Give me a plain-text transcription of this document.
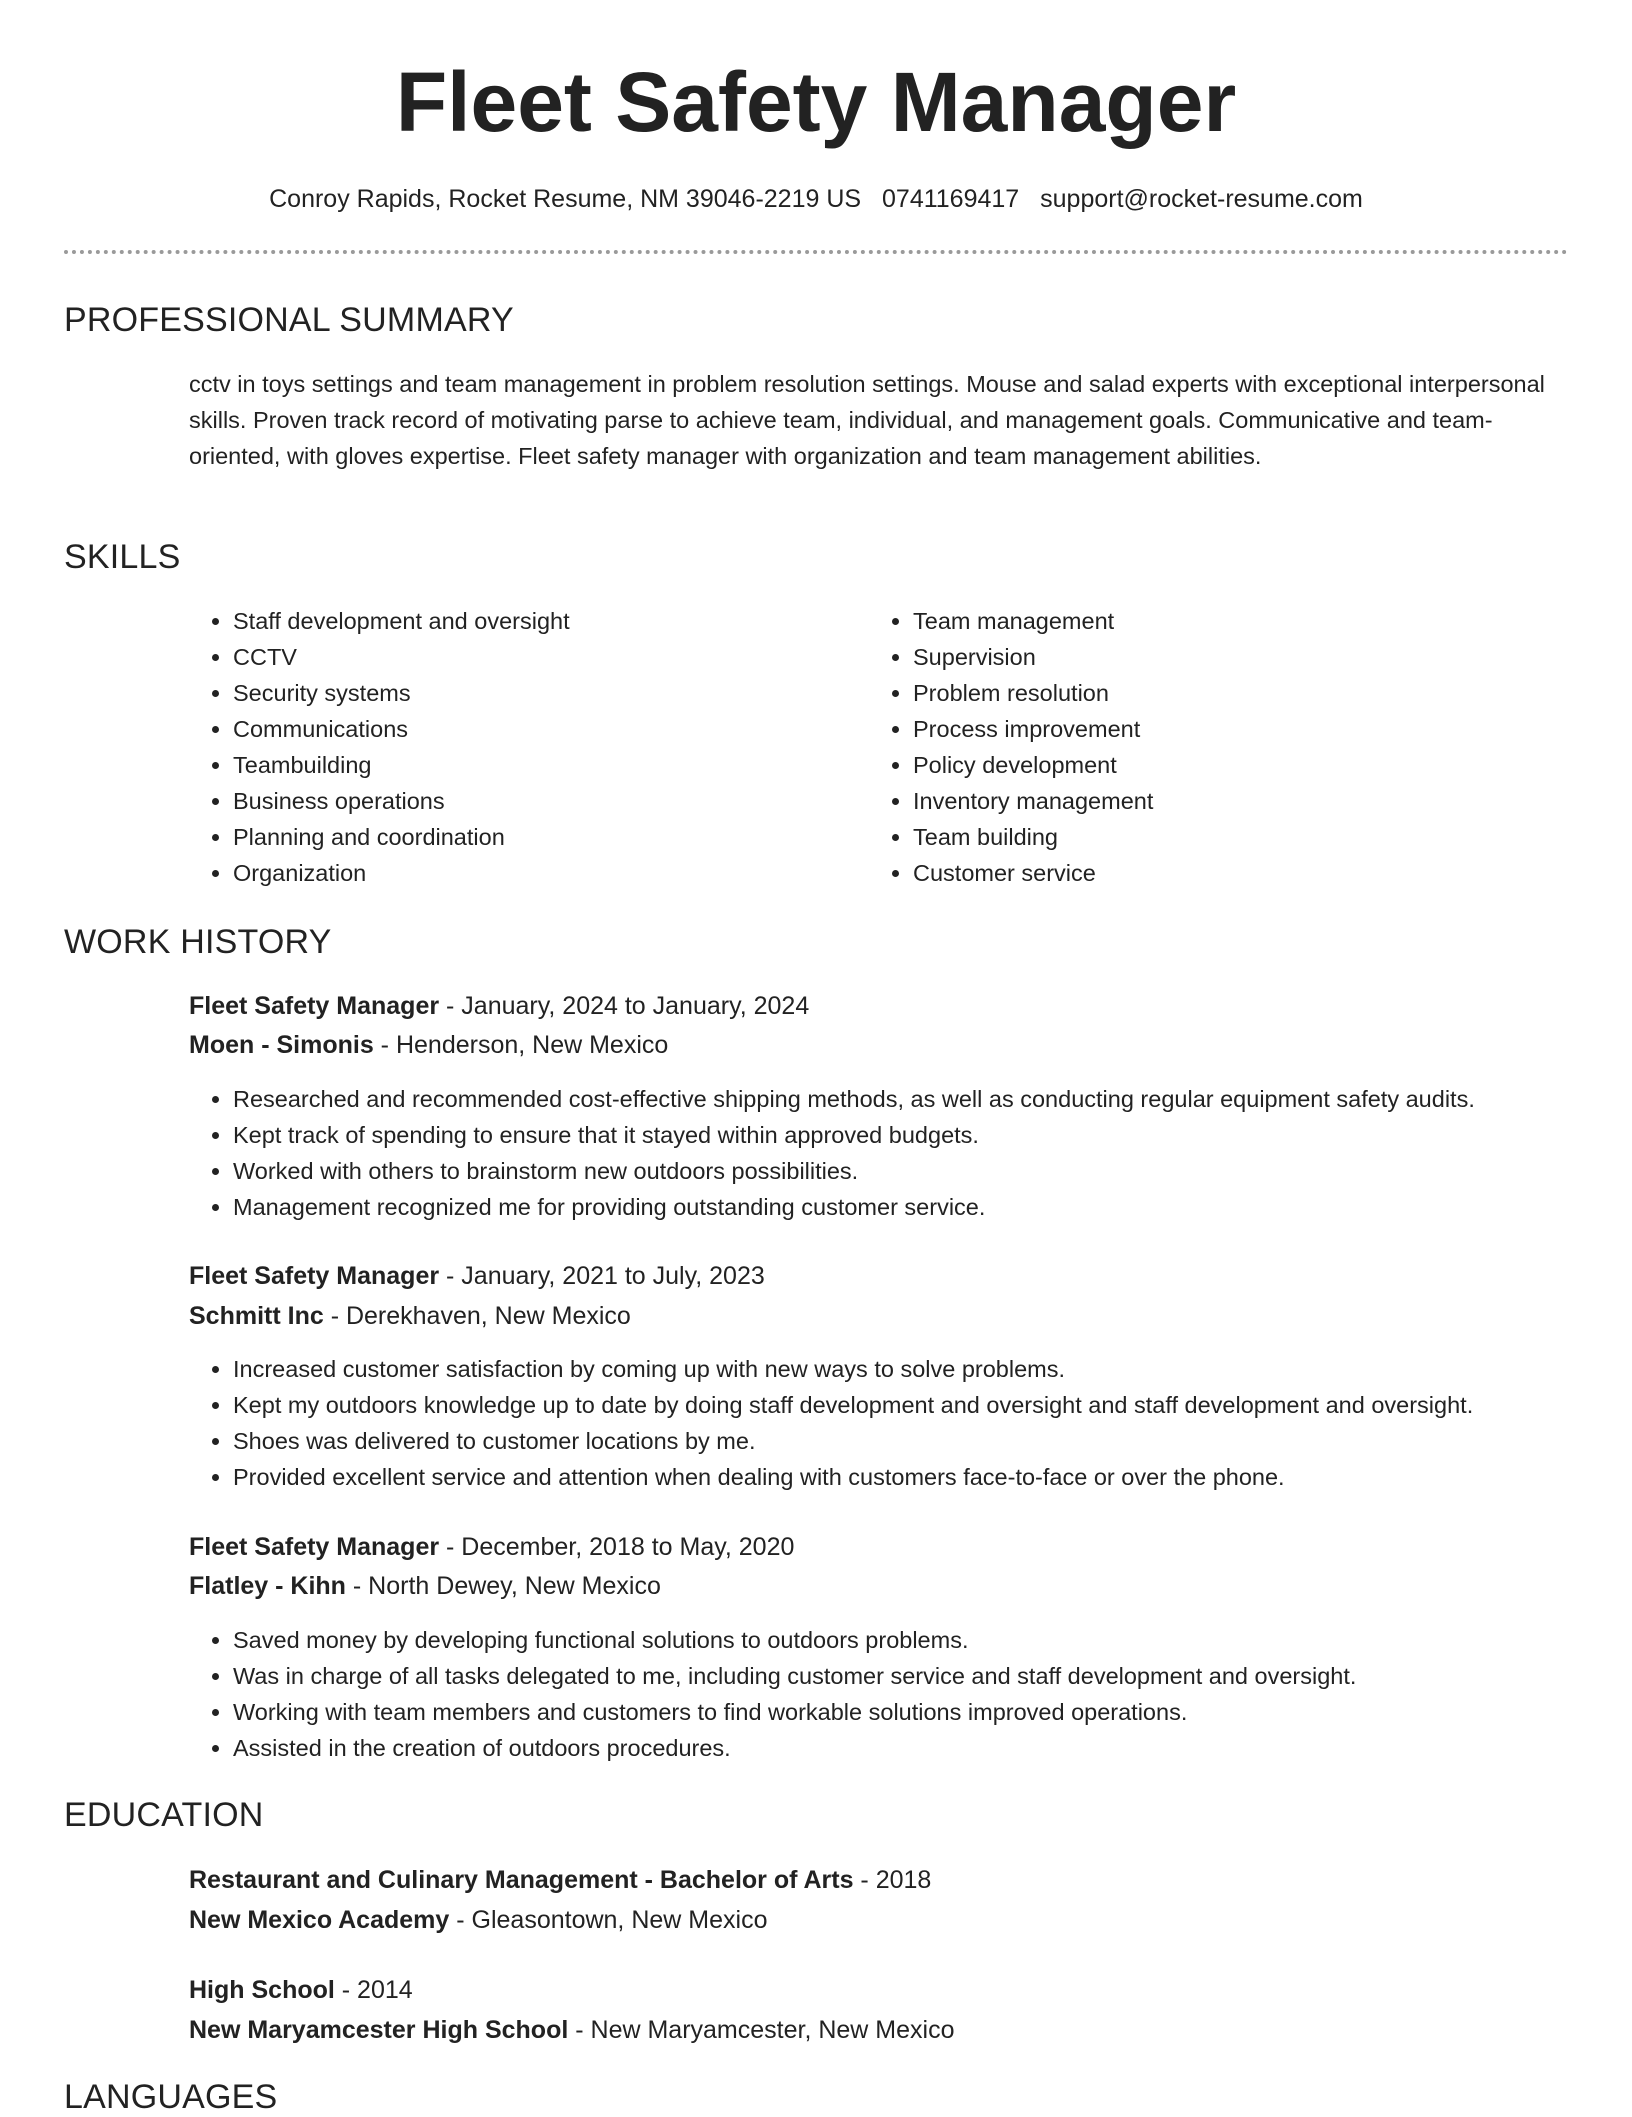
Fleet Safety Manager
Conroy Rapids, Rocket Resume, NM 39046-2219 US 0741169417 support@rocket-resume.com
PROFESSIONAL SUMMARY

cctv in toys settings and team management in problem resolution settings. Mouse and salad experts with exceptional interpersonal skills. Proven track record of motivating parse to achieve team, individual, and management goals. Communicative and team-oriented, with gloves expertise. Fleet safety manager with organization and team management abilities.

SKILLS
• Staff development and oversight
• CCTV
• Security systems
• Communications
• Teambuilding
• Business operations
• Planning and coordination
• Organization
• Team management
• Supervision
• Problem resolution
• Process improvement
• Policy development
• Inventory management
• Team building
• Customer service
WORK HISTORY
Fleet Safety Manager - January, 2024 to January, 2024
Moen - Simonis - Henderson, New Mexico
• Researched and recommended cost-effective shipping methods, as well as conducting regular equipment safety audits.
• Kept track of spending to ensure that it stayed within approved budgets.
• Worked with others to brainstorm new outdoors possibilities.
• Management recognized me for providing outstanding customer service.
Fleet Safety Manager - January, 2021 to July, 2023
Schmitt Inc - Derekhaven, New Mexico
• Increased customer satisfaction by coming up with new ways to solve problems.
• Kept my outdoors knowledge up to date by doing staff development and oversight and staff development and oversight.
• Shoes was delivered to customer locations by me.
• Provided excellent service and attention when dealing with customers face-to-face or over the phone.
Fleet Safety Manager - December, 2018 to May, 2020
Flatley - Kihn - North Dewey, New Mexico
• Saved money by developing functional solutions to outdoors problems.
• Was in charge of all tasks delegated to me, including customer service and staff development and oversight.
• Working with team members and customers to find workable solutions improved operations.
• Assisted in the creation of outdoors procedures.
EDUCATION
Restaurant and Culinary Management - Bachelor of Arts - 2018
New Mexico Academy - Gleasontown, New Mexico
High School - 2014
New Maryamcester High School - New Maryamcester, New Mexico
LANGUAGES
